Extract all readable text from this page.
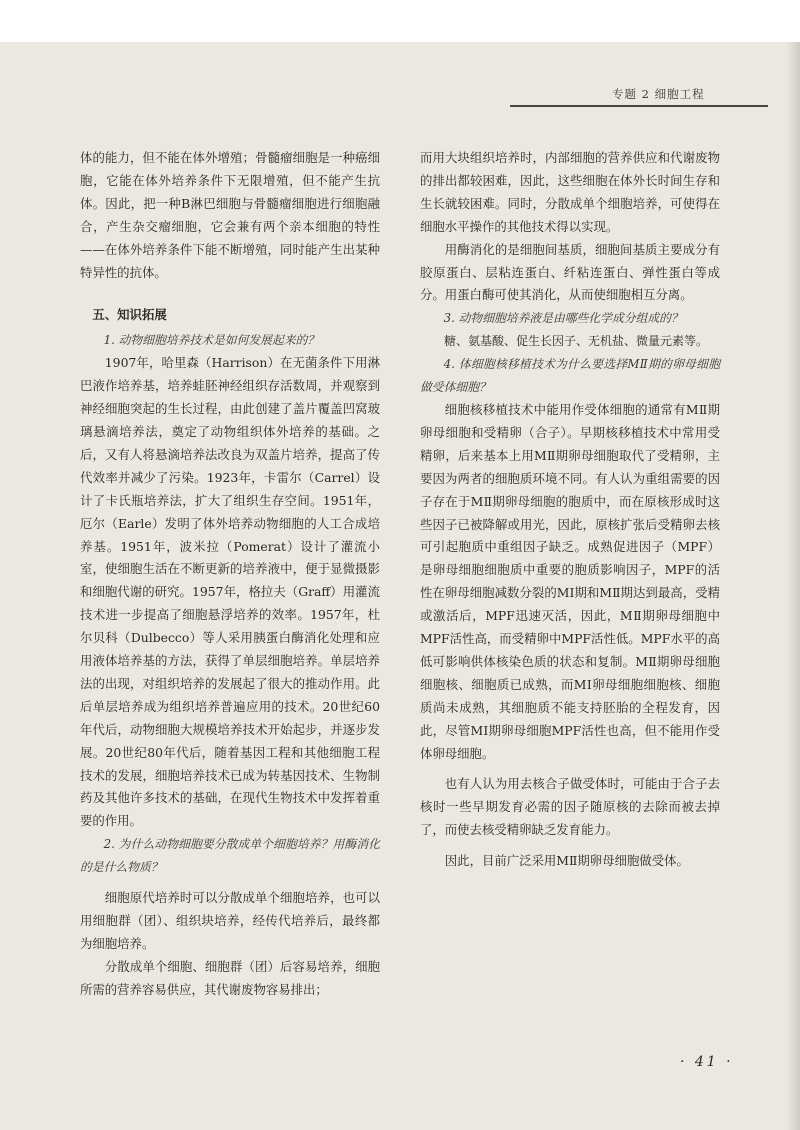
专题 2 细胞工程

体的能力，但不能在体外增殖；骨髓瘤细胞是一种癌细胞，它能在体外培养条件下无限增殖，但不能产生抗体。因此，把一种B淋巴细胞与骨髓瘤细胞进行细胞融合，产生杂交瘤细胞，它会兼有两个亲本细胞的特性——在体外培养条件下能不断增殖，同时能产生出某种特异性的抗体。

五、知识拓展

1. 动物细胞培养技术是如何发展起来的？

1907年，哈里森（Harrison）在无菌条件下用淋巴液作培养基，培养蛙胚神经组织存活数周，并观察到神经细胞突起的生长过程，由此创建了盖片覆盖凹窝玻璃悬滴培养法，奠定了动物组织体外培养的基础。之后，又有人将悬滴培养法改良为双盖片培养，提高了传代效率并减少了污染。1923年，卡雷尔（Carrel）设计了卡氏瓶培养法，扩大了组织生存空间。1951年，厄尔（Earle）发明了体外培养动物细胞的人工合成培养基。1951年，波米拉（Pomerat）设计了灌流小室，使细胞生活在不断更新的培养液中，便于显微摄影和细胞代谢的研究。1957年，格拉夫（Graff）用灌流技术进一步提高了细胞悬浮培养的效率。1957年，杜尔贝科（Dulbecco）等人采用胰蛋白酶消化处理和应用液体培养基的方法，获得了单层细胞培养。单层培养法的出现，对组织培养的发展起了很大的推动作用。此后单层培养成为组织培养普遍应用的技术。20世纪60年代后，动物细胞大规模培养技术开始起步，并逐步发展。20世纪80年代后，随着基因工程和其他细胞工程技术的发展，细胞培养技术已成为转基因技术、生物制药及其他许多技术的基础，在现代生物技术中发挥着重要的作用。

2. 为什么动物细胞要分散成单个细胞培养？用酶消化的是什么物质？

细胞原代培养时可以分散成单个细胞培养，也可以用细胞群（团）、组织块培养，经传代培养后，最终都为细胞培养。

分散成单个细胞、细胞群（团）后容易培养，细胞所需的营养容易供应，其代谢废物容易排出；

而用大块组织培养时，内部细胞的营养供应和代谢废物的排出都较困难，因此，这些细胞在体外长时间生存和生长就较困难。同时，分散成单个细胞培养，可使得在细胞水平操作的其他技术得以实现。

用酶消化的是细胞间基质，细胞间基质主要成分有胶原蛋白、层粘连蛋白、纤粘连蛋白、弹性蛋白等成分。用蛋白酶可使其消化，从而使细胞相互分离。

3. 动物细胞培养液是由哪些化学成分组成的？

糖、氨基酸、促生长因子、无机盐、微量元素等。

4. 体细胞核移植技术为什么要选择MⅡ期的卵母细胞做受体细胞？

细胞核移植技术中能用作受体细胞的通常有MⅡ期卵母细胞和受精卵（合子）。早期核移植技术中常用受精卵，后来基本上用MⅡ期卵母细胞取代了受精卵，主要因为两者的细胞质环境不同。有人认为重组需要的因子存在于MⅡ期卵母细胞的胞质中，而在原核形成时这些因子已被降解或用光，因此，原核扩张后受精卵去核可引起胞质中重组因子缺乏。成熟促进因子（MPF）是卵母细胞细胞质中重要的胞质影响因子，MPF的活性在卵母细胞减数分裂的MⅠ期和MⅡ期达到最高，受精或激活后，MPF迅速灭活，因此，MⅡ期卵母细胞中MPF活性高，而受精卵中MPF活性低。MPF水平的高低可影响供体核染色质的状态和复制。MⅡ期卵母细胞细胞核、细胞质已成熟，而MⅠ卵母细胞细胞核、细胞质尚未成熟，其细胞质不能支持胚胎的全程发育，因此，尽管MⅠ期卵母细胞MPF活性也高，但不能用作受体卵母细胞。

也有人认为用去核合子做受体时，可能由于合子去核时一些早期发育必需的因子随原核的去除而被去掉了，而使去核受精卵缺乏发育能力。

因此，目前广泛采用MⅡ期卵母细胞做受体。

· 41 ·
